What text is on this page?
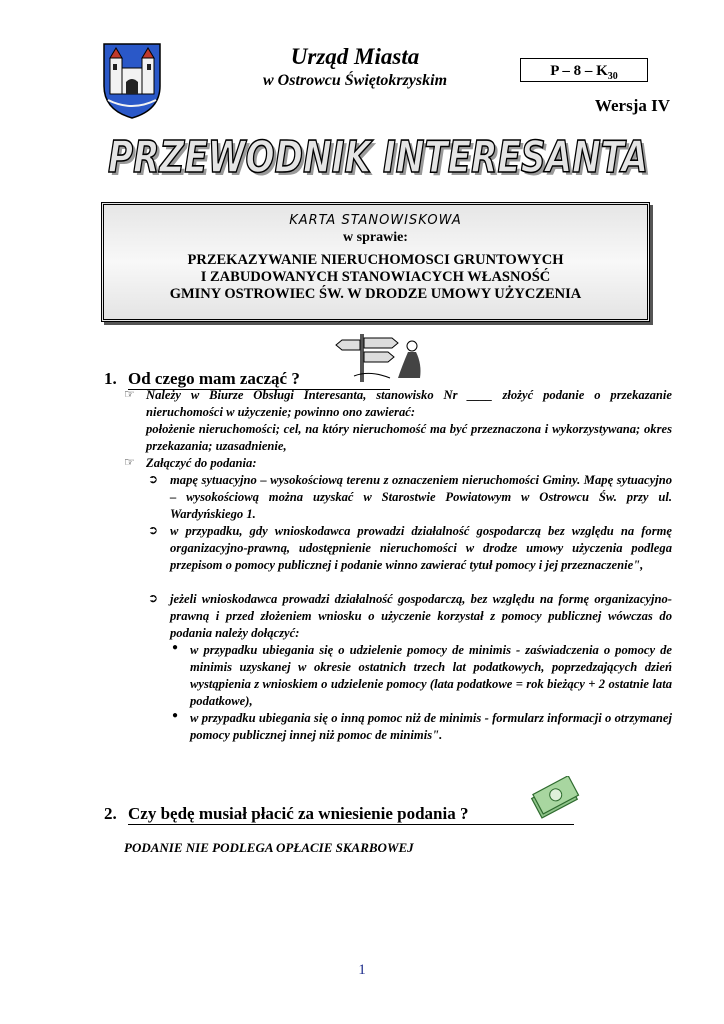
Urząd Miasta
w Ostrowcu Świętokrzyskim
P – $8 - K_{30}$
Wersja IV
PRZEWODNIK INTERESANTA
PRZEWODNIK INTERESANTA
KARTA STANOWISKOWA
w sprawie:
PRZEKAZYWANIE NIERUCHOMOSCI GRUNTOWYCH
I ZABUDOWANYCH STANOWIACYCH WŁASNOŚĆ
GMINY OSTROWIEC ŚW. W DRODZE UMOWY UŻYCZENIA
1. Od czego mam zacząć ?
☞ Należy w Biurze Obsługi Interesanta, stanowisko Nr ____ złożyć podanie o przekazanie nieruchomości w użyczenie; powinno ono zawierać:
położenie nieruchomości; cel, na który nieruchomość ma być przeznaczona i wykorzystywana; okres przekazania; uzasadnienie,
☞ Załączyć do podania:
➲ mapę sytuacyjno – wysokościową terenu z oznaczeniem nieruchomości Gminy. Mapę sytuacyjno – wysokościową można uzyskać w Starostwie Powiatowym w Ostrowcu Św. przy ul. Wardyńskiego 1.
➲ w przypadku, gdy wnioskodawca prowadzi działalność gospodarczą bez względu na formę organizacyjno-prawną, udostępnienie nieruchomości w drodze umowy użyczenia podlega przepisom o pomocy publicznej i podanie winno zawierać tytuł pomocy i jej przeznaczenie",
➲ jeżeli wnioskodawca prowadzi działalność gospodarczą, bez względu na formę organizacyjno-prawną i przed złożeniem wniosku o użyczenie korzystał z pomocy publicznej wówczas do podania należy dołączyć:
● w przypadku ubiegania się o udzielenie pomocy de minimis - zaświadczenia o pomocy de minimis uzyskanej w okresie ostatnich trzech lat podatkowych, poprzedzających dzień wystąpienia z wnioskiem o udzielenie pomocy (lata podatkowe = rok bieżący + 2 ostatnie lata podatkowe),
● w przypadku ubiegania się o inną pomoc niż de minimis - formularz informacji o otrzymanej pomocy publicznej innej niż pomoc de minimis".
2. Czy będę musiał płacić za wniesienie podania ?
PODANIE NIE PODLEGA OPŁACIE SKARBOWEJ
1
